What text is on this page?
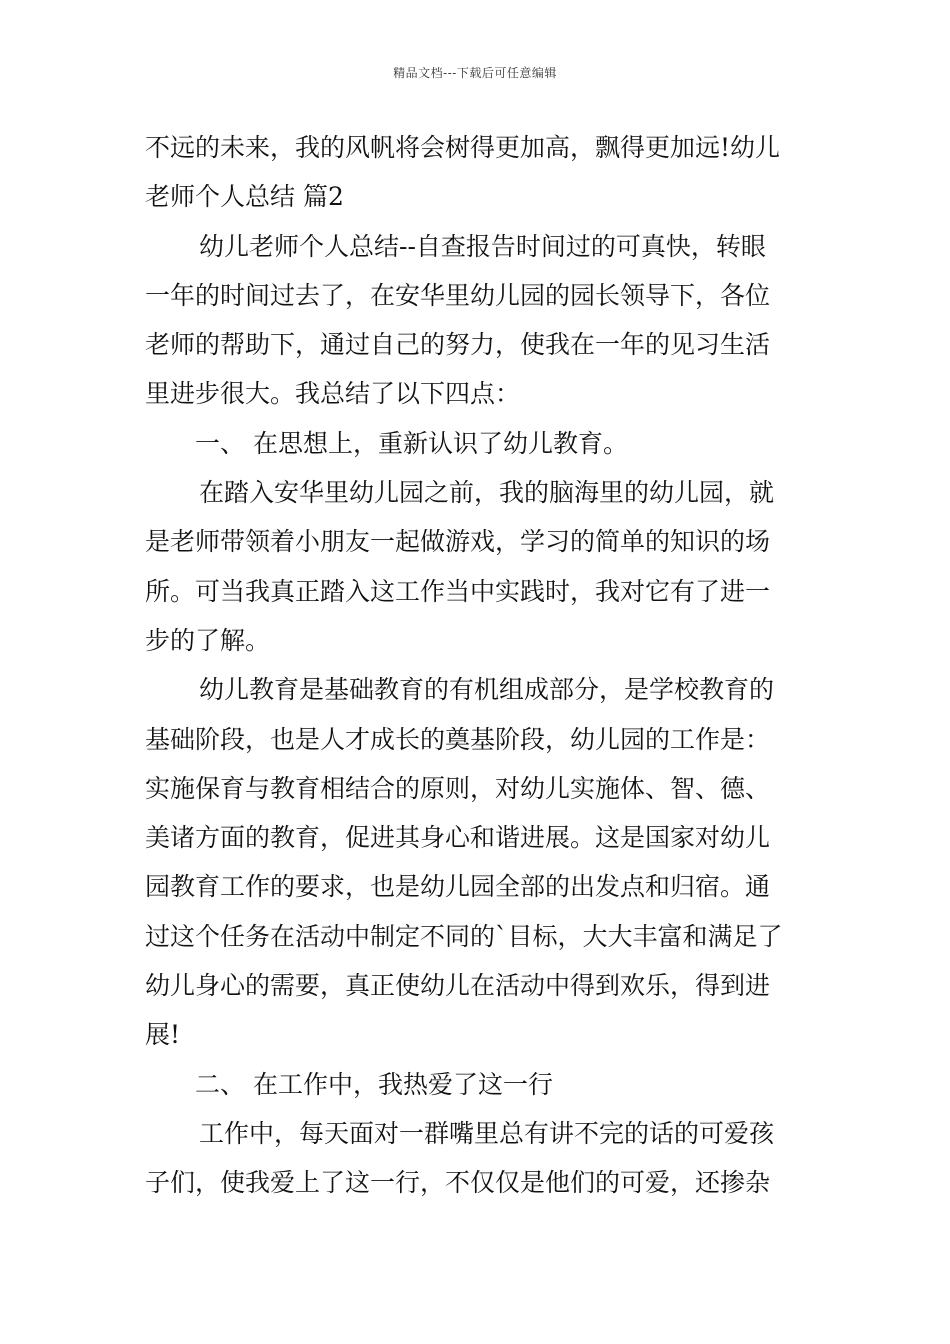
精品文档---下载后可任意编辑
不远的未来，我的风帆将会树得更加高，飘得更加远!幼儿
老师个人总结 篇2
幼儿老师个人总结--自查报告时间过的可真快，转眼
一年的时间过去了，在安华里幼儿园的园长领导下，各位
老师的帮助下，通过自己的努力，使我在一年的见习生活
里进步很大。我总结了以下四点：
一、 在思想上，重新认识了幼儿教育。
在踏入安华里幼儿园之前，我的脑海里的幼儿园，就
是老师带领着小朋友一起做游戏，学习的简单的知识的场
所。可当我真正踏入这工作当中实践时，我对它有了进一
步的了解。
幼儿教育是基础教育的有机组成部分，是学校教育的
基础阶段，也是人才成长的奠基阶段，幼儿园的工作是：
实施保育与教育相结合的原则，对幼儿实施体、智、德、
美诸方面的教育，促进其身心和谐进展。这是国家对幼儿
园教育工作的要求，也是幼儿园全部的出发点和归宿。通
过这个任务在活动中制定不同的`目标，大大丰富和满足了
幼儿身心的需要，真正使幼儿在活动中得到欢乐，得到进
展!
二、 在工作中，我热爱了这一行
工作中，每天面对一群嘴里总有讲不完的话的可爱孩
子们，使我爱上了这一行，不仅仅是他们的可爱，还掺杂
